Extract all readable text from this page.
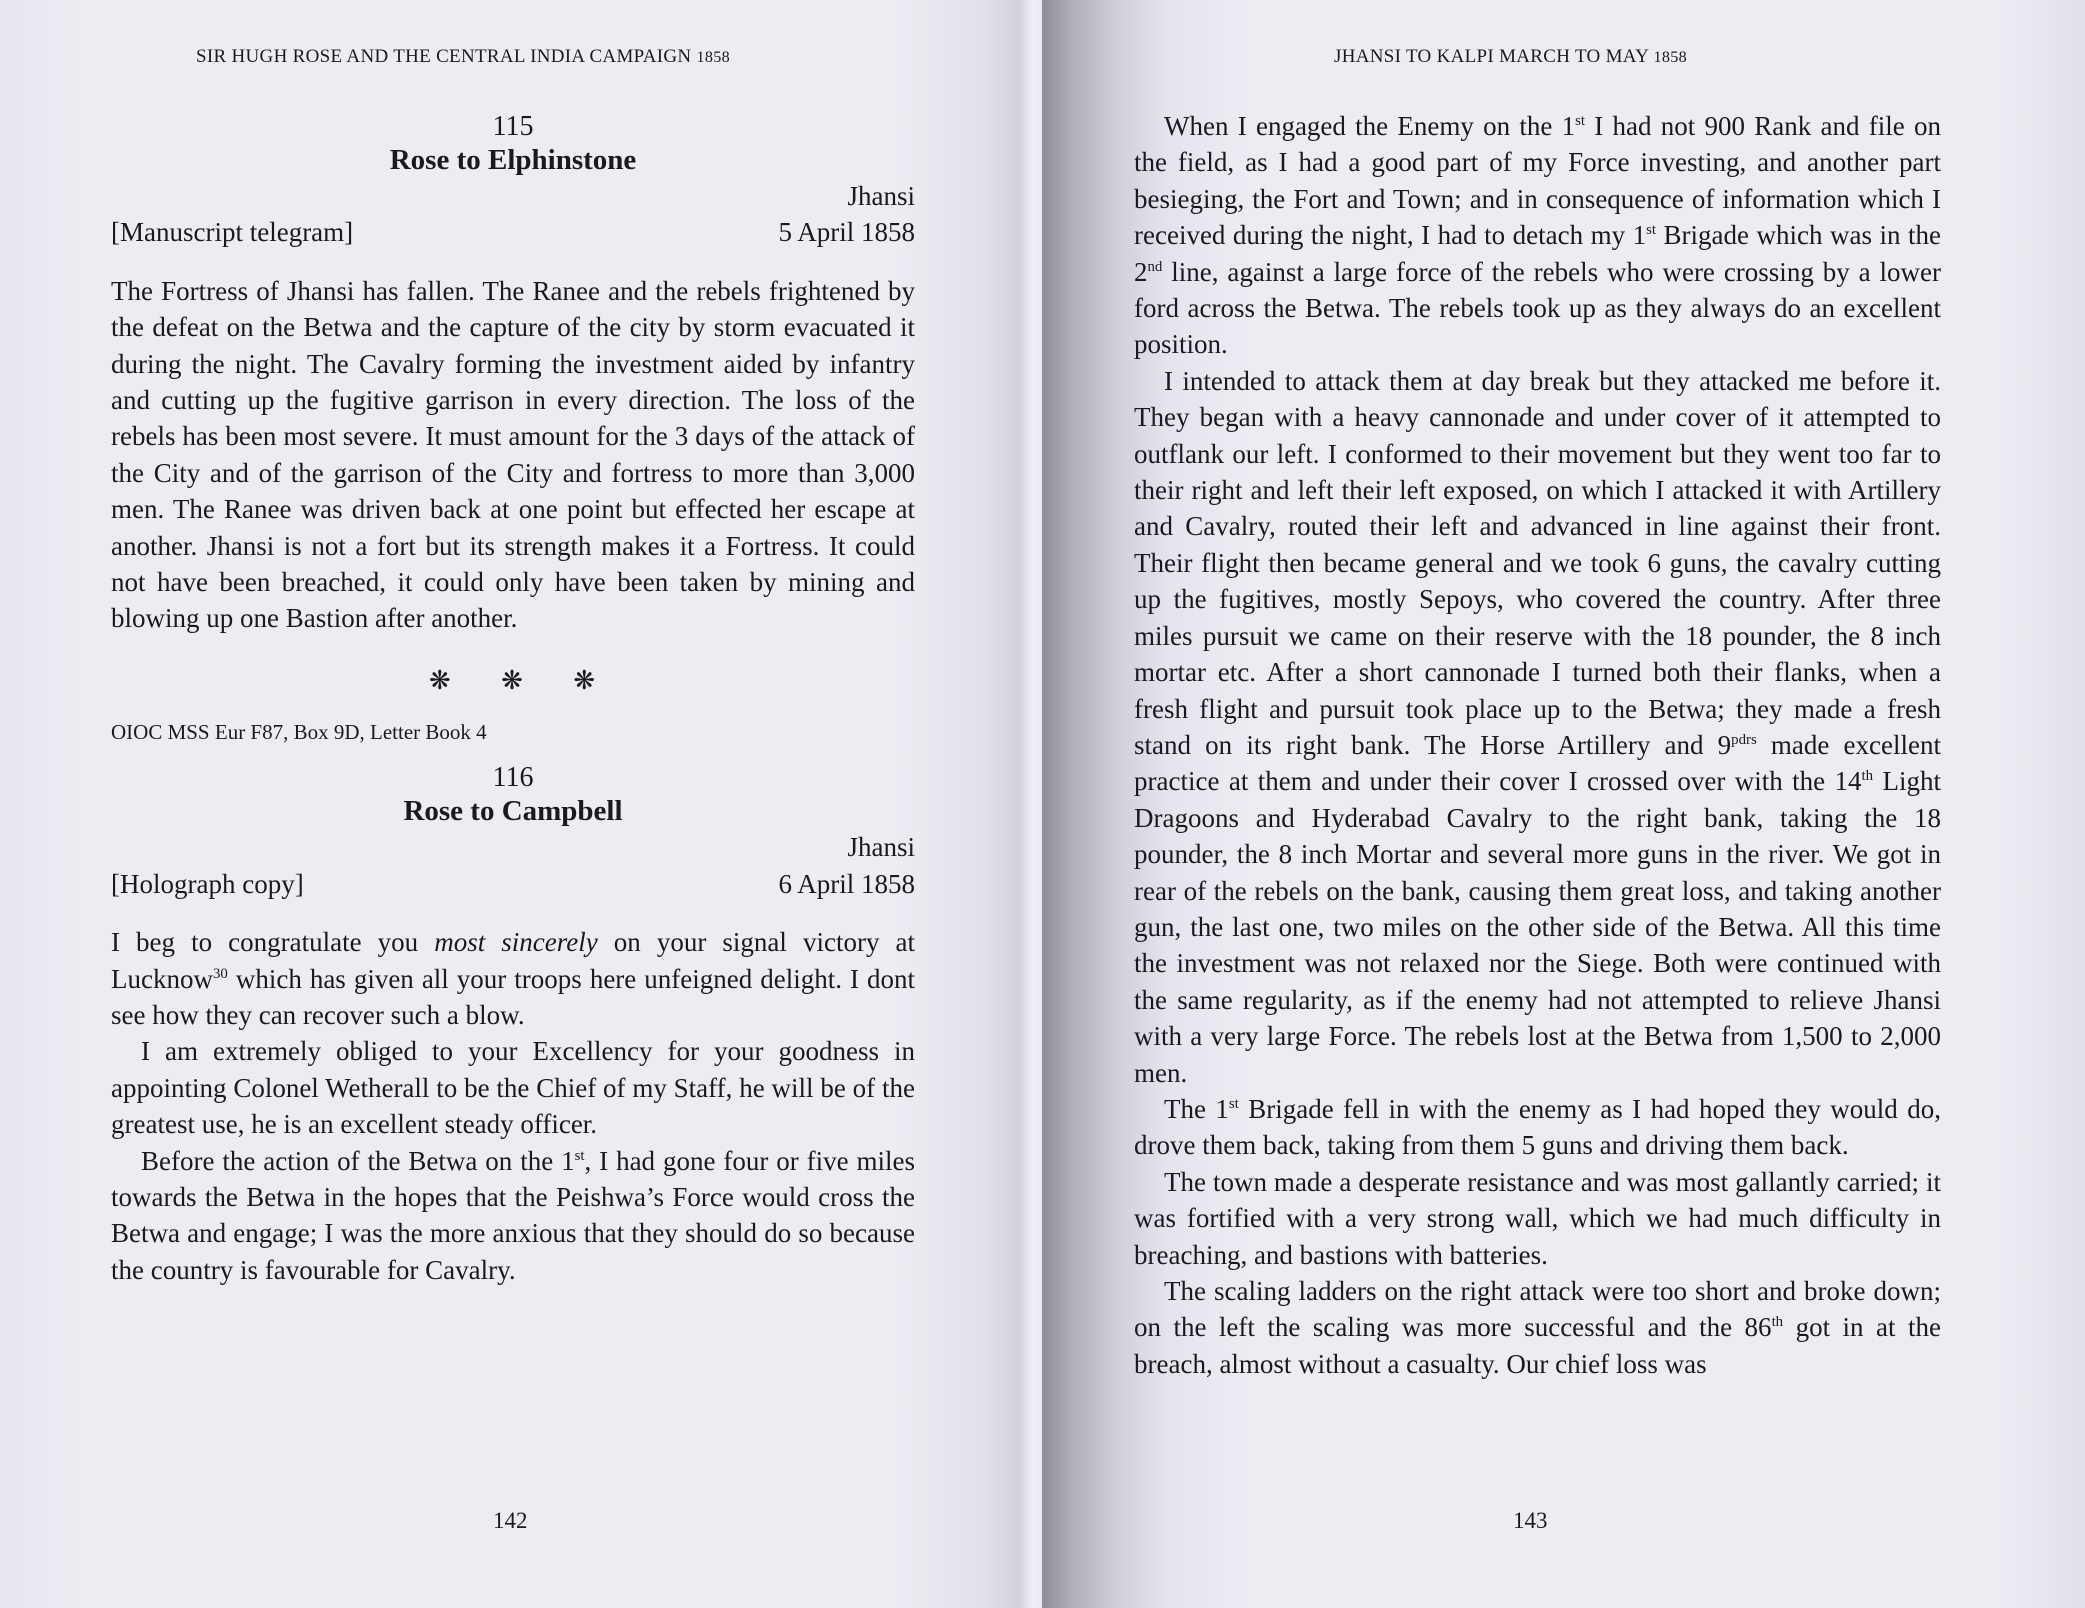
SIR HUGH ROSE AND THE CENTRAL INDIA CAMPAIGN 1858
115
Rose to Elphinstone
Jhansi
[Manuscript telegram]	5 April 1858

The Fortress of Jhansi has fallen. The Ranee and the rebels frightened by the defeat on the Betwa and the capture of the city by storm evacuated it during the night. The Cavalry forming the investment aided by infantry and cutting up the fugitive garrison in every direction. The loss of the rebels has been most severe. It must amount for the 3 days of the attack of the City and of the garrison of the City and fortress to more than 3,000 men. The Ranee was driven back at one point but effected her escape at another. Jhansi is not a fort but its strength makes it a Fortress. It could not have been breached, it could only have been taken by mining and blowing up one Bastion after another.

❋ ❋ ❋
OIOC MSS Eur F87, Box 9D, Letter Book 4
116
Rose to Campbell
Jhansi
[Holograph copy]	6 April 1858

I beg to congratulate you most sincerely on your signal victory at Lucknow$^{30}$ which has given all your troops here unfeigned delight. I dont see how they can recover such a blow.

I am extremely obliged to your Excellency for your goodness in appointing Colonel Wetherall to be the Chief of my Staff, he will be of the greatest use, he is an excellent steady officer.

Before the action of the Betwa on the 1st, I had gone four or five miles towards the Betwa in the hopes that the Peishwa’s Force would cross the Betwa and engage; I was the more anxious that they should do so because the country is favourable for Cavalry.

142
JHANSI TO KALPI MARCH TO MAY 1858

When I engaged the Enemy on the 1st I had not 900 Rank and file on the field, as I had a good part of my Force investing, and another part besieging, the Fort and Town; and in consequence of information which I received during the night, I had to detach my 1st Brigade which was in the 2nd line, against a large force of the rebels who were crossing by a lower ford across the Betwa. The rebels took up as they always do an excellent position.

I intended to attack them at day break but they attacked me before it. They began with a heavy cannonade and under cover of it attempted to outflank our left. I conformed to their movement but they went too far to their right and left their left exposed, on which I attacked it with Artillery and Cavalry, routed their left and advanced in line against their front. Their flight then became general and we took 6 guns, the cavalry cutting up the fugitives, mostly Sepoys, who covered the country. After three miles pursuit we came on their reserve with the 18 pounder, the 8 inch mortar etc. After a short cannonade I turned both their flanks, when a fresh flight and pursuit took place up to the Betwa; they made a fresh stand on its right bank. The Horse Artillery and $9^{pdrs}$ made excellent practice at them and under their cover I crossed over with the 14th Light Dragoons and Hyderabad Cavalry to the right bank, taking the 18 pounder, the 8 inch Mortar and several more guns in the river. We got in rear of the rebels on the bank, causing them great loss, and taking another gun, the last one, two miles on the other side of the Betwa. All this time the investment was not relaxed nor the Siege. Both were continued with the same regularity, as if the enemy had not attempted to relieve Jhansi with a very large Force. The rebels lost at the Betwa from 1,500 to 2,000 men.

The 1st Brigade fell in with the enemy as I had hoped they would do, drove them back, taking from them 5 guns and driving them back.

The town made a desperate resistance and was most gallantly carried; it was fortified with a very strong wall, which we had much difficulty in breaching, and bastions with batteries.

The scaling ladders on the right attack were too short and broke down; on the left the scaling was more successful and the 86th got in at the breach, almost without a casualty. Our chief loss was

143
